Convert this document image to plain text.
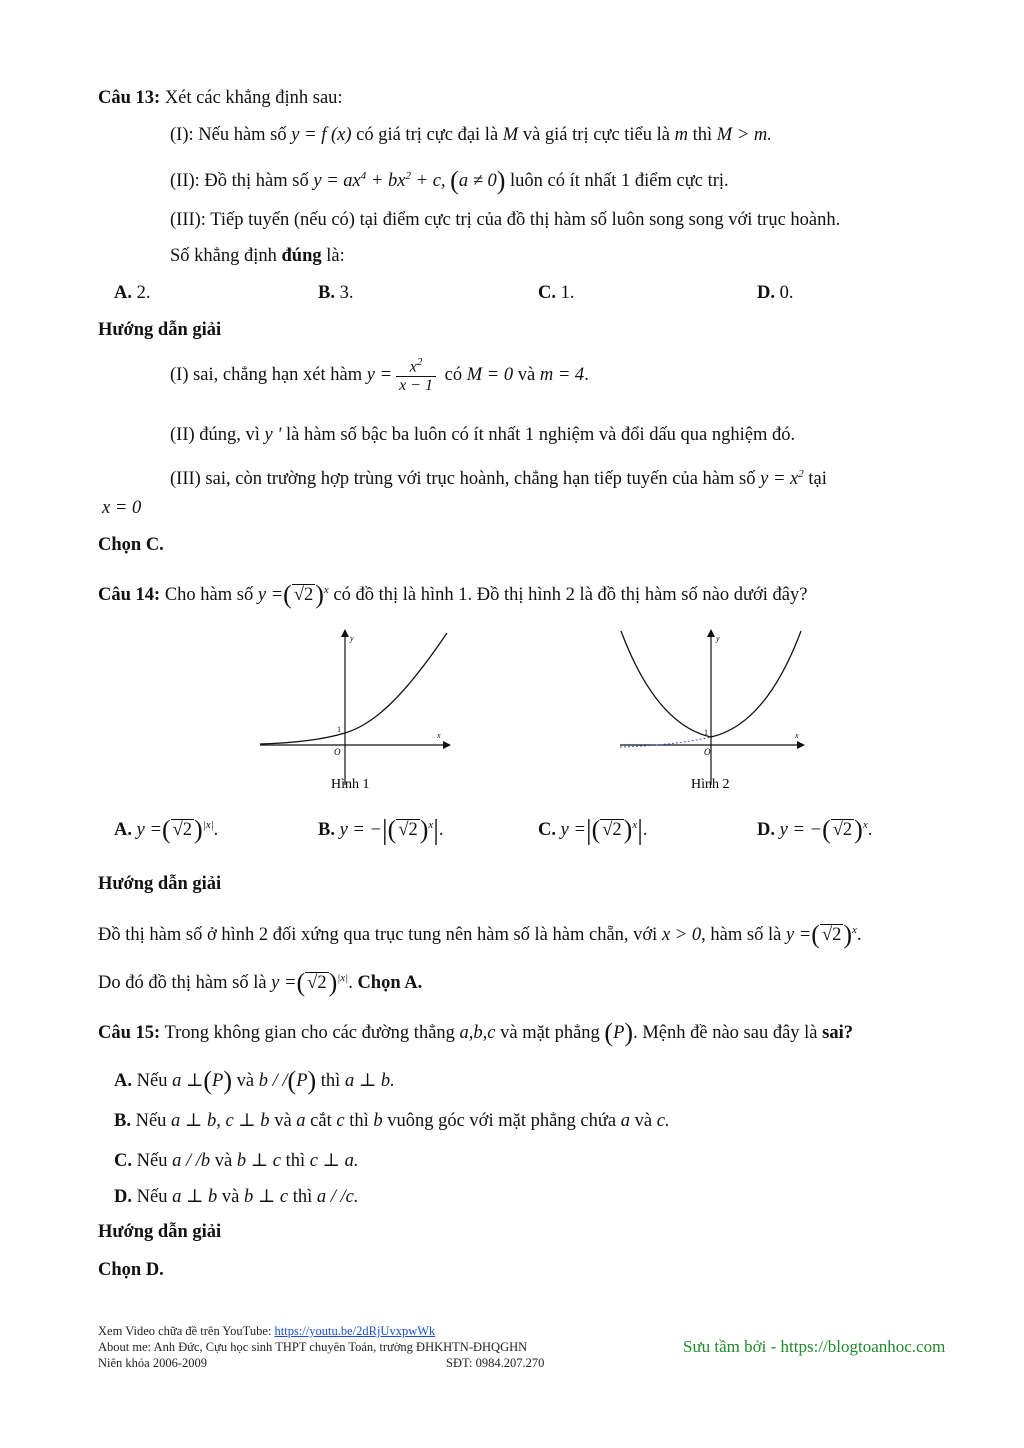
Câu 13: Xét các khẳng định sau:
(I): Nếu hàm số y = f (x) có giá trị cực đại là M và giá trị cực tiểu là m thì M > m.
(II): Đồ thị hàm số $y = ax^4 + bx^2 + c$, (a ≠ 0) luôn có ít nhất 1 điểm cực trị.
(III): Tiếp tuyến (nếu có) tại điểm cực trị của đồ thị hàm số luôn song song với trục hoành.
Số khẳng định đúng là:
A. 2.	B. 3.	C. 1.	D. 0.
Hướng dẫn giải
(I) sai, chẳng hạn xét hàm $y = \frac{x^2}{x - 1}$ có M = 0 và m = 4.
(II) đúng, vì y ' là hàm số bậc ba luôn có ít nhất 1 nghiệm và đổi dấu qua nghiệm đó.
(III) sai, còn trường hợp trùng với trục hoành, chẳng hạn tiếp tuyến của hàm số $y = x^2$ tại
x = 0
Chọn C.
Câu 14: Cho hàm số y =( √2)$^x$ có đồ thị là hình 1. Đồ thị hình 2 là đồ thị hàm số nào dưới đây?
x
y
O
1
Hình 1
x
y
O
1
Hình 2
A. y =( √2)$^{|x|}$.	B. y = −|( √2)$^x$|.	C. y =|( √2)$^x$|.	D. y = −( √2)$^x$.
Hướng dẫn giải
Đồ thị hàm số ở hình 2 đối xứng qua trục tung nên hàm số là hàm chẵn, với x > 0, hàm số là y =( √2)$^x$.
Do đó đồ thị hàm số là y =( √2)$^{|x|}$. Chọn A.
Câu 15: Trong không gian cho các đường thẳng a,b,c và mặt phẳng (P). Mệnh đề nào sau đây là sai?
A. Nếu a ⊥(P) và b / /(P) thì a ⊥ b.
B. Nếu a ⊥ b, c ⊥ b và a cắt c thì b vuông góc với mặt phẳng chứa a và c.
C. Nếu a / /b và b ⊥ c thì c ⊥ a.
D. Nếu a ⊥ b và b ⊥ c thì a / /c.
Hướng dẫn giải
Chọn D.
Xem Video chữa đề trên YouTube: https://youtu.be/2dRjUvxpwWk
About me: Anh Đức, Cựu học sinh THPT chuyên Toán, trường ĐHKHTN-ĐHQGHN
Niên khóa 2006-2009	SĐT: 0984.207.270
Sưu tầm bởi - https://blogtoanhoc.com
